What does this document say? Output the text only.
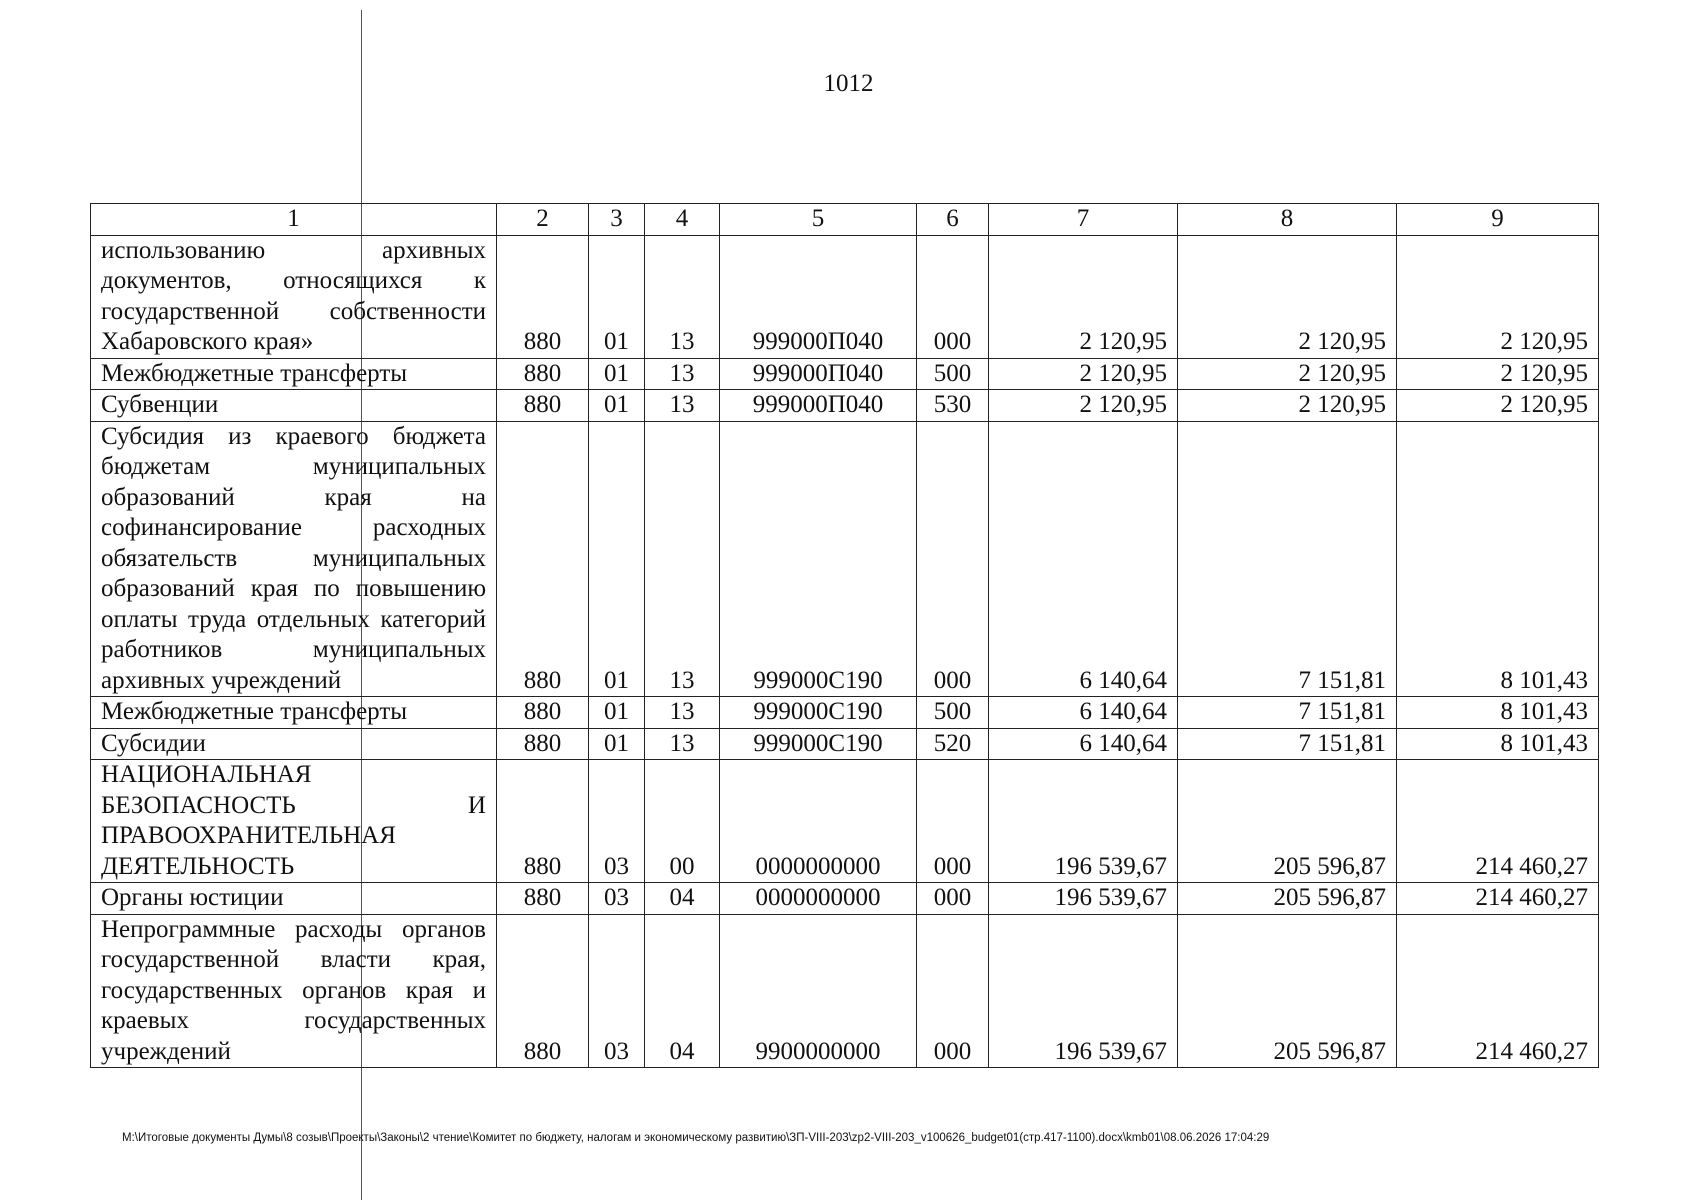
1012
1	2	3	4	5	6	7	8	9
использованию архивных документов, относящихся к государственной собственности Хабаровского края»	880	01	13	999000П040	000	2 120,95	2 120,95	2 120,95
Межбюджетные трансферты	880	01	13	999000П040	500	2 120,95	2 120,95	2 120,95
Субвенции	880	01	13	999000П040	530	2 120,95	2 120,95	2 120,95
Субсидия из краевого бюджета бюджетам муниципальных образований края на софинансирование расходных обязательств муниципальных образований края по повышению оплаты труда отдельных категорий работников муниципальных архивных учреждений	880	01	13	999000С190	000	6 140,64	7 151,81	8 101,43
Межбюджетные трансферты	880	01	13	999000С190	500	6 140,64	7 151,81	8 101,43
Субсидии	880	01	13	999000С190	520	6 140,64	7 151,81	8 101,43
НАЦИОНАЛЬНАЯ БЕЗОПАСНОСТЬ И ПРАВООХРАНИТЕЛЬНАЯ ДЕЯТЕЛЬНОСТЬ	880	03	00	0000000000	000	196 539,67	205 596,87	214 460,27
Органы юстиции	880	03	04	0000000000	000	196 539,67	205 596,87	214 460,27
Непрограммные расходы органов государственной власти края, государственных органов края и краевых государственных учреждений	880	03	04	9900000000	000	196 539,67	205 596,87	214 460,27
M:\Итоговые документы Думы\8 созыв\Проекты\Законы\2 чтение\Комитет по бюджету, налогам и экономическому развитию\ЗП-VIII-203\zp2-VIII-203_v100626_budget01(стр.417-1100).docx\kmb01\08.06.2026 17:04:29
